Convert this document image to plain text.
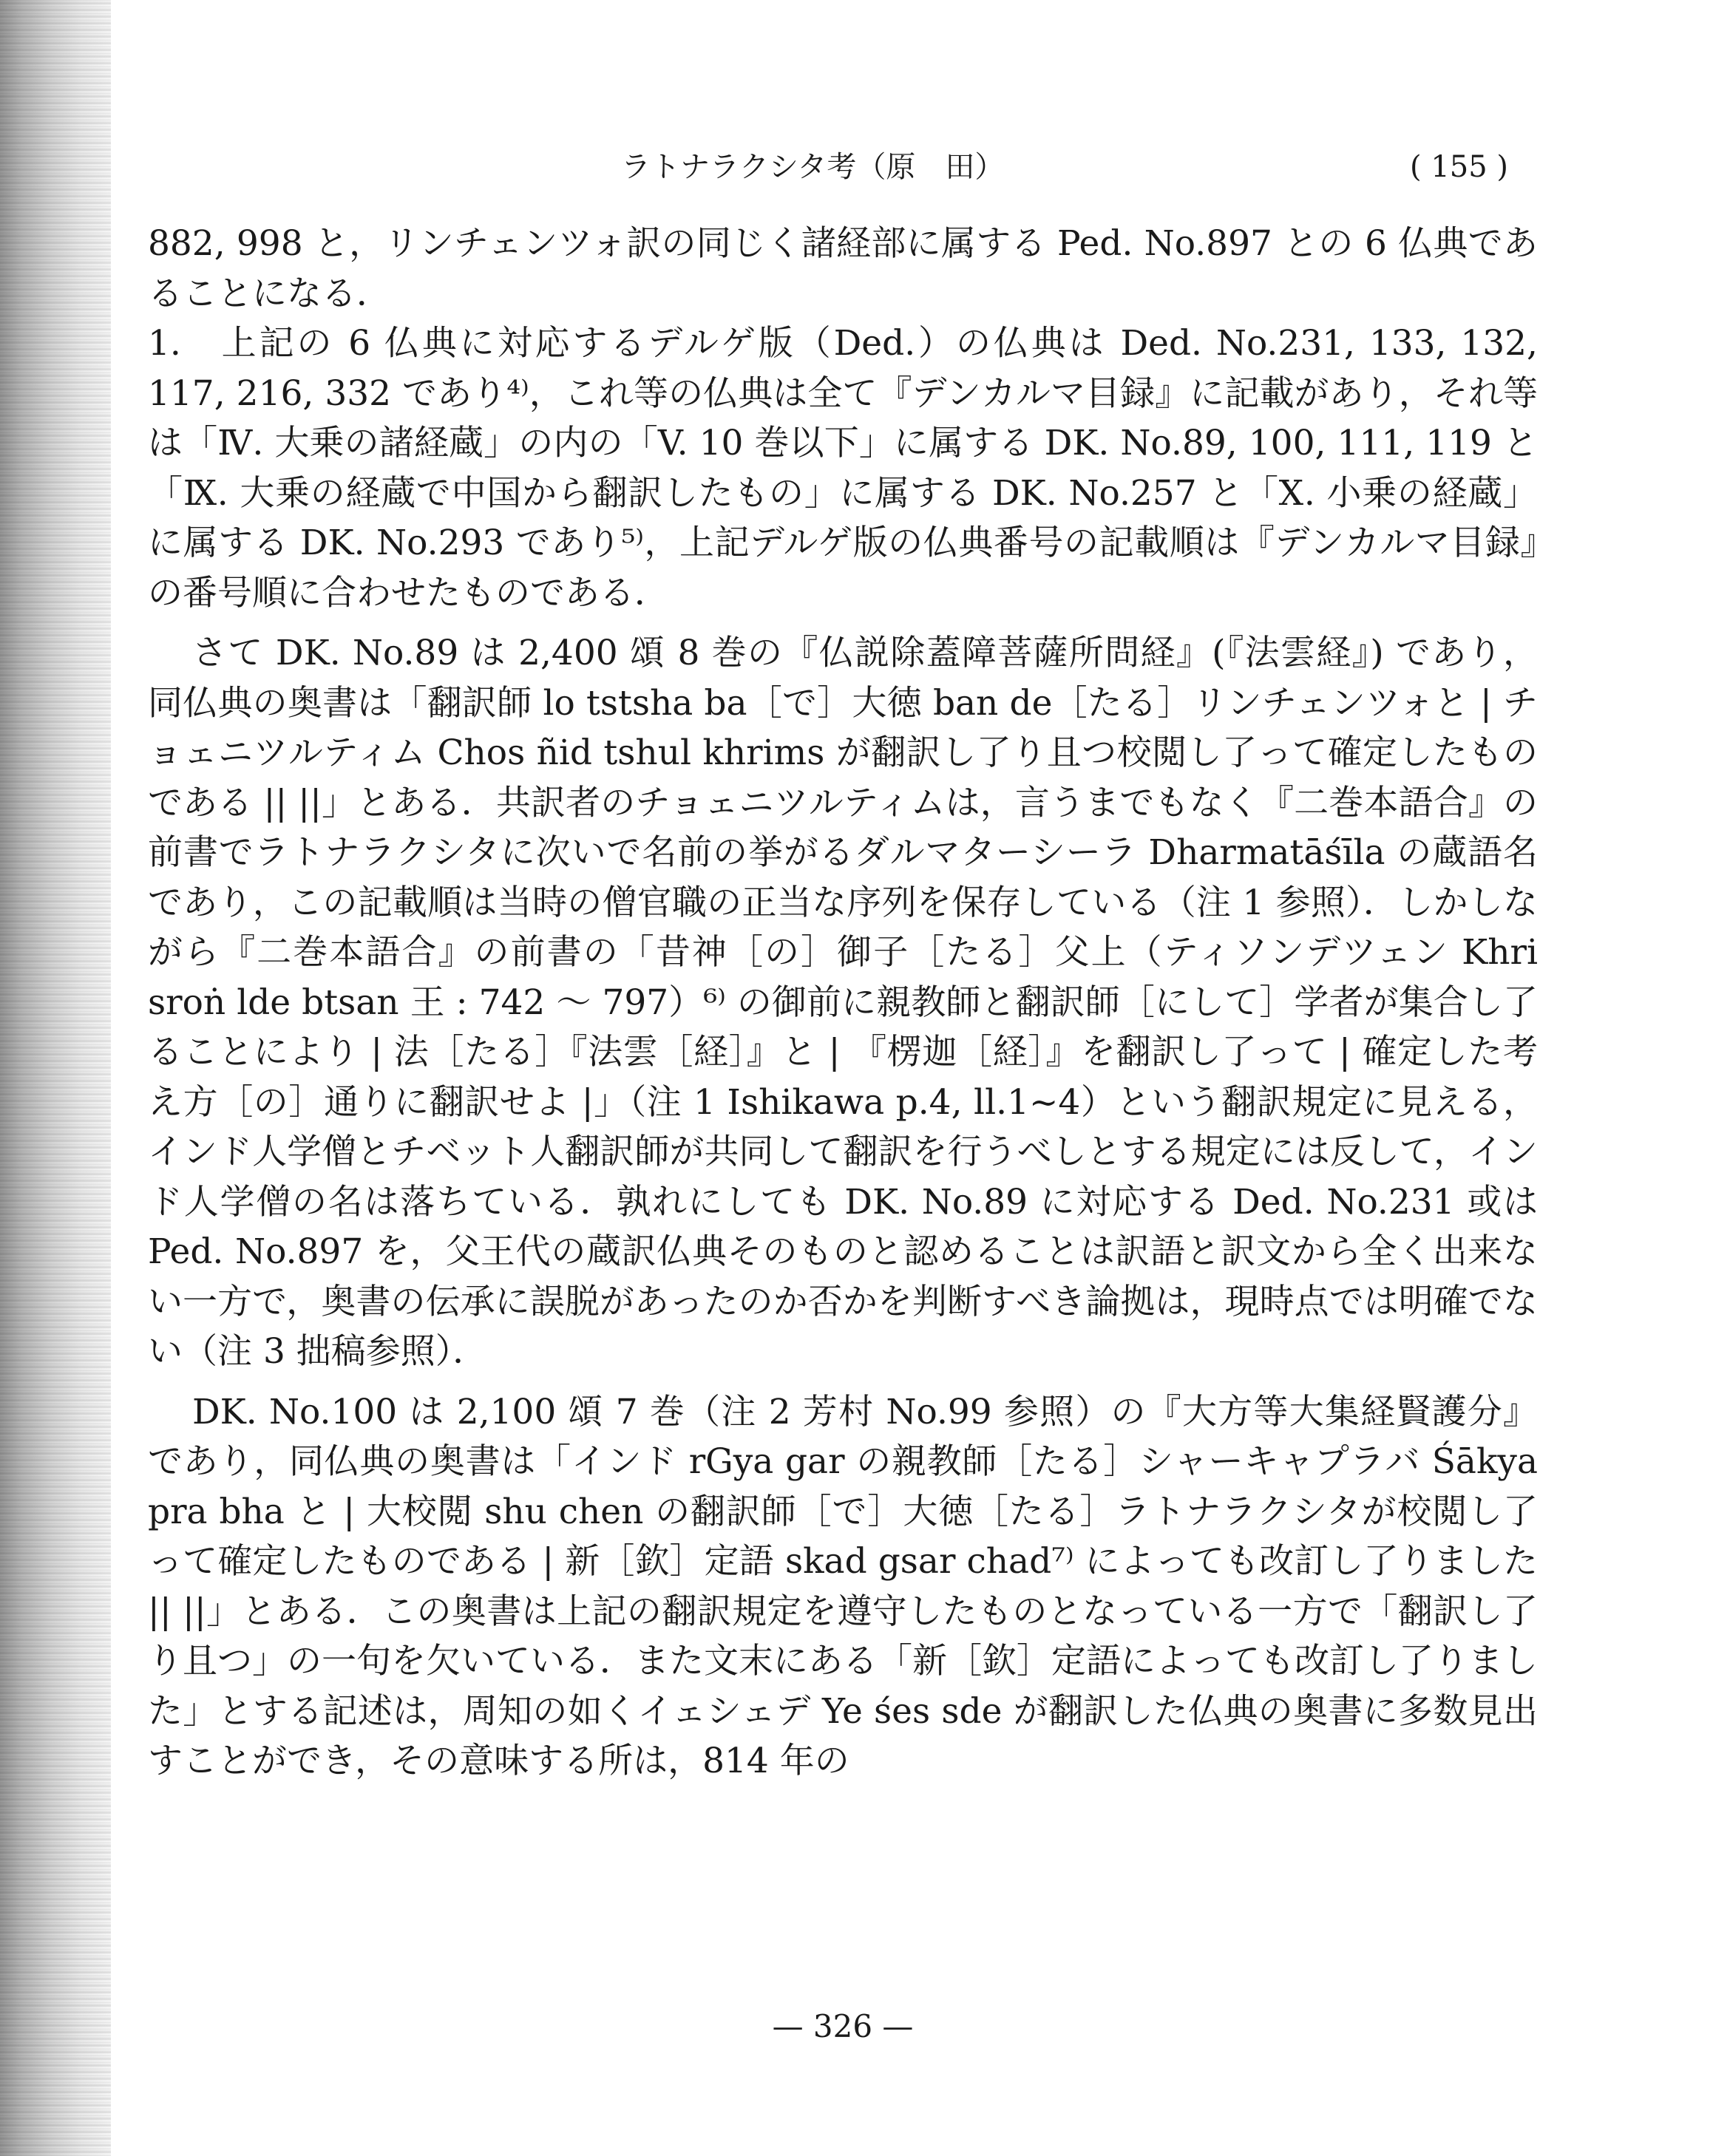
ラトナラクシタ考（原　田）	( 155 )

882, 998 と，リンチェンツォ訳の同じく諸経部に属する Ped. No.897 との 6 仏典であることになる．

1.　上記の 6 仏典に対応するデルゲ版（Ded.）の仏典は Ded. No.231, 133, 132, 117, 216, 332 であり⁴⁾，これ等の仏典は全て『デンカルマ目録』に記載があり，それ等は「Ⅳ. 大乗の諸経蔵」の内の「V. 10 巻以下」に属する DK. No.89, 100, 111, 119 と「Ⅸ. 大乗の経蔵で中国から翻訳したもの」に属する DK. No.257 と「Ⅹ. 小乗の経蔵」に属する DK. No.293 であり⁵⁾，上記デルゲ版の仏典番号の記載順は『デンカルマ目録』の番号順に合わせたものである．

さて DK. No.89 は 2,400 頌 8 巻の『仏説除蓋障菩薩所問経』(『法雲経』) であり，同仏典の奥書は「翻訳師 lo tstsha ba［で］大徳 ban de［たる］リンチェンツォと | チョェニツルティム Chos ñid tshul khrims が翻訳し了り且つ校閲し了って確定したものである || ||」とある．共訳者のチョェニツルティムは，言うまでもなく『二巻本語合』の前書でラトナラクシタに次いで名前の挙がるダルマターシーラ Dharmatāśīla の蔵語名であり，この記載順は当時の僧官職の正当な序列を保存している（注 1 参照）．しかしながら『二巻本語合』の前書の「昔神［の］御子［たる］父上（ティソンデツェン Khri sroṅ lde btsan 王 : 742 〜 797）⁶⁾ の御前に親教師と翻訳師［にして］学者が集合し了ることにより | 法［たる］『法雲［経］』と | 『楞迦［経］』を翻訳し了って | 確定した考え方［の］通りに翻訳せよ |」（注 1 Ishikawa p.4, ll.1~4）という翻訳規定に見える，インド人学僧とチベット人翻訳師が共同して翻訳を行うべしとする規定には反して，インド人学僧の名は落ちている．孰れにしても DK. No.89 に対応する Ded. No.231 或は Ped. No.897 を，父王代の蔵訳仏典そのものと認めることは訳語と訳文から全く出来ない一方で，奥書の伝承に誤脱があったのか否かを判断すべき論拠は，現時点では明確でない（注 3 拙稿参照）．

DK. No.100 は 2,100 頌 7 巻（注 2 芳村 No.99 参照）の『大方等大集経賢護分』であり，同仏典の奥書は「インド rGya gar の親教師［たる］シャーキャプラバ Śākya pra bha と | 大校閲 shu chen の翻訳師［で］大徳［たる］ラトナラクシタが校閲し了って確定したものである | 新［欽］定語 skad gsar chad⁷⁾ によっても改訂し了りました || ||」とある．この奥書は上記の翻訳規定を遵守したものとなっている一方で「翻訳し了り且つ」の一句を欠いている．また文末にある「新［欽］定語によっても改訂し了りました」とする記述は，周知の如くイェシェデ Ye śes sde が翻訳した仏典の奥書に多数見出すことができ，その意味する所は，814 年の

— 326 —
